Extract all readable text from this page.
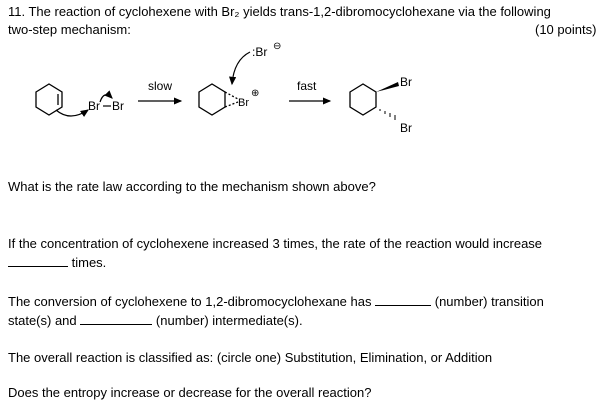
11. The reaction of cyclohexene with Br₂ yields trans-1,2-dibromocyclohexane via the following

two-step mechanism:	(10 points)
Br Br
slow
Br
⊕
:Br ⊖
fast	Br
Br

What is the rate law according to the mechanism shown above?

If the concentration of cyclohexene increased 3 times, the rate of the reaction would increase

times.

The conversion of cyclohexene to 1,2-dibromocyclohexane has	(number) transition

state(s) and	(number) intermediate(s).

The overall reaction is classified as: (circle one) Substitution, Elimination, or Addition

Does the entropy increase or decrease for the overall reaction?
